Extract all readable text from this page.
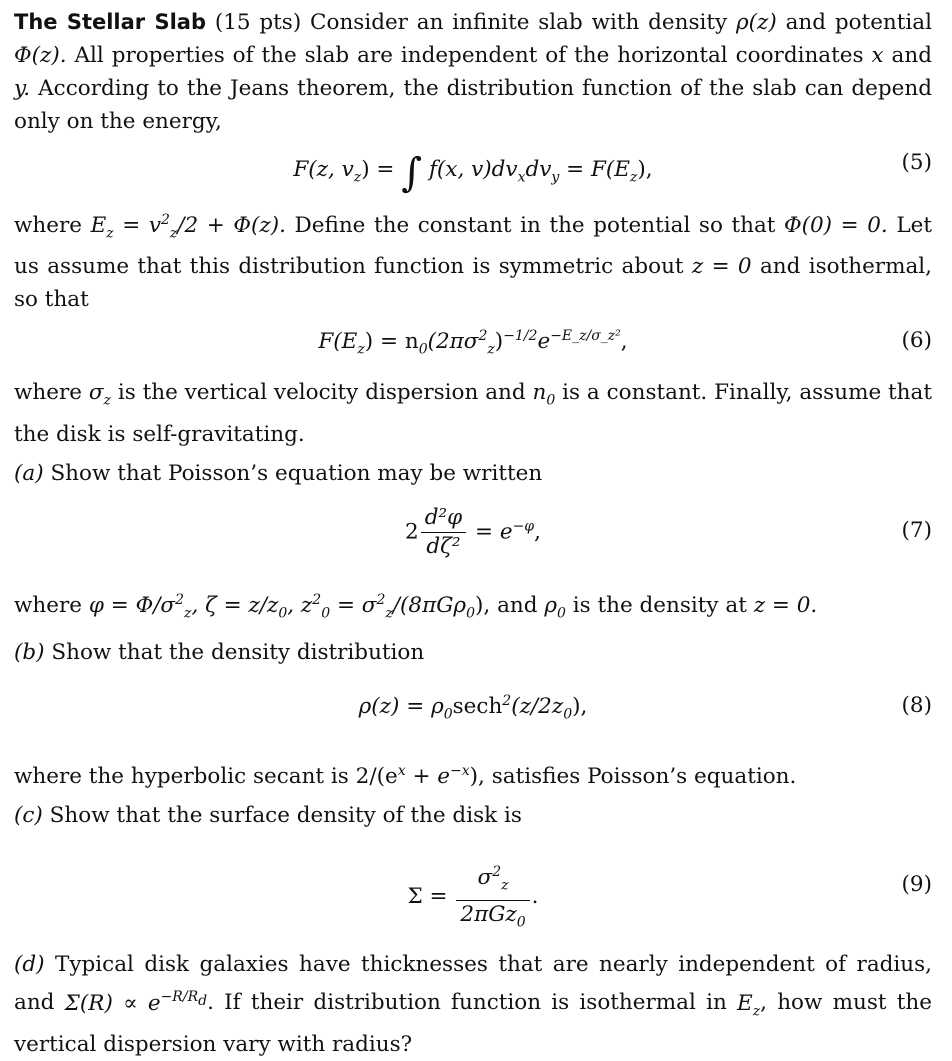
The Stellar Slab (15 pts) Consider an infinite slab with density ρ(z) and potential Φ(z). All properties of the slab are independent of the horizontal coordinates x and y. According to the Jeans theorem, the distribution function of the slab can depend only on the energy,

F(z, $v_z$) = ∫ f(x, $v)dv_xdv_y = F(E_z)$,	(5)

where $E_z = v^2_z/2 + \Phi(z)$. Define the constant in the potential so that Φ(0) = 0. Let us assume that this distribution function is symmetric about z = 0 and isothermal, so that

$F(E_z) = n_0(2\pi\sigma^2_z)^{-1/2}e^{-E\_z/\sigma\_z^2}$,	(6)

where $\sigma_z$ is the vertical velocity dispersion and $n_0$ is a constant. Finally, assume that the disk is self-gravitating.

(a) Show that Poisson’s equation may be written

$2 \frac{\text{d²φ}}{\text{dζ²}} = e^{-\varphi}$,	(7)

where $\varphi = \Phi/\sigma^2_z$, $\zeta = z/z_0$, $z^2_0 = \sigma^2_z/(8\pi G\rho_0)$, and $\rho_0$ is the density at z = 0.

(b) Show that the density distribution

$\rho(z) = \rho_0\sec h^2(z/2z_0)$,	(8)

where the hyperbolic secant is $2/(e^x + e^{-x})$, satisfies Poisson’s equation.

(c) Show that the surface density of the disk is

$\Sigma = \frac{\sigma^2_z}{2\pi Gz_0}$ .	(9)

(d) Typical disk galaxies have thicknesses that are nearly independent of radius, and $\Sigma(R) \propto e^{-R/R_d}$. If their distribution function is isothermal in $E_z$, how must the vertical dispersion vary with radius?
